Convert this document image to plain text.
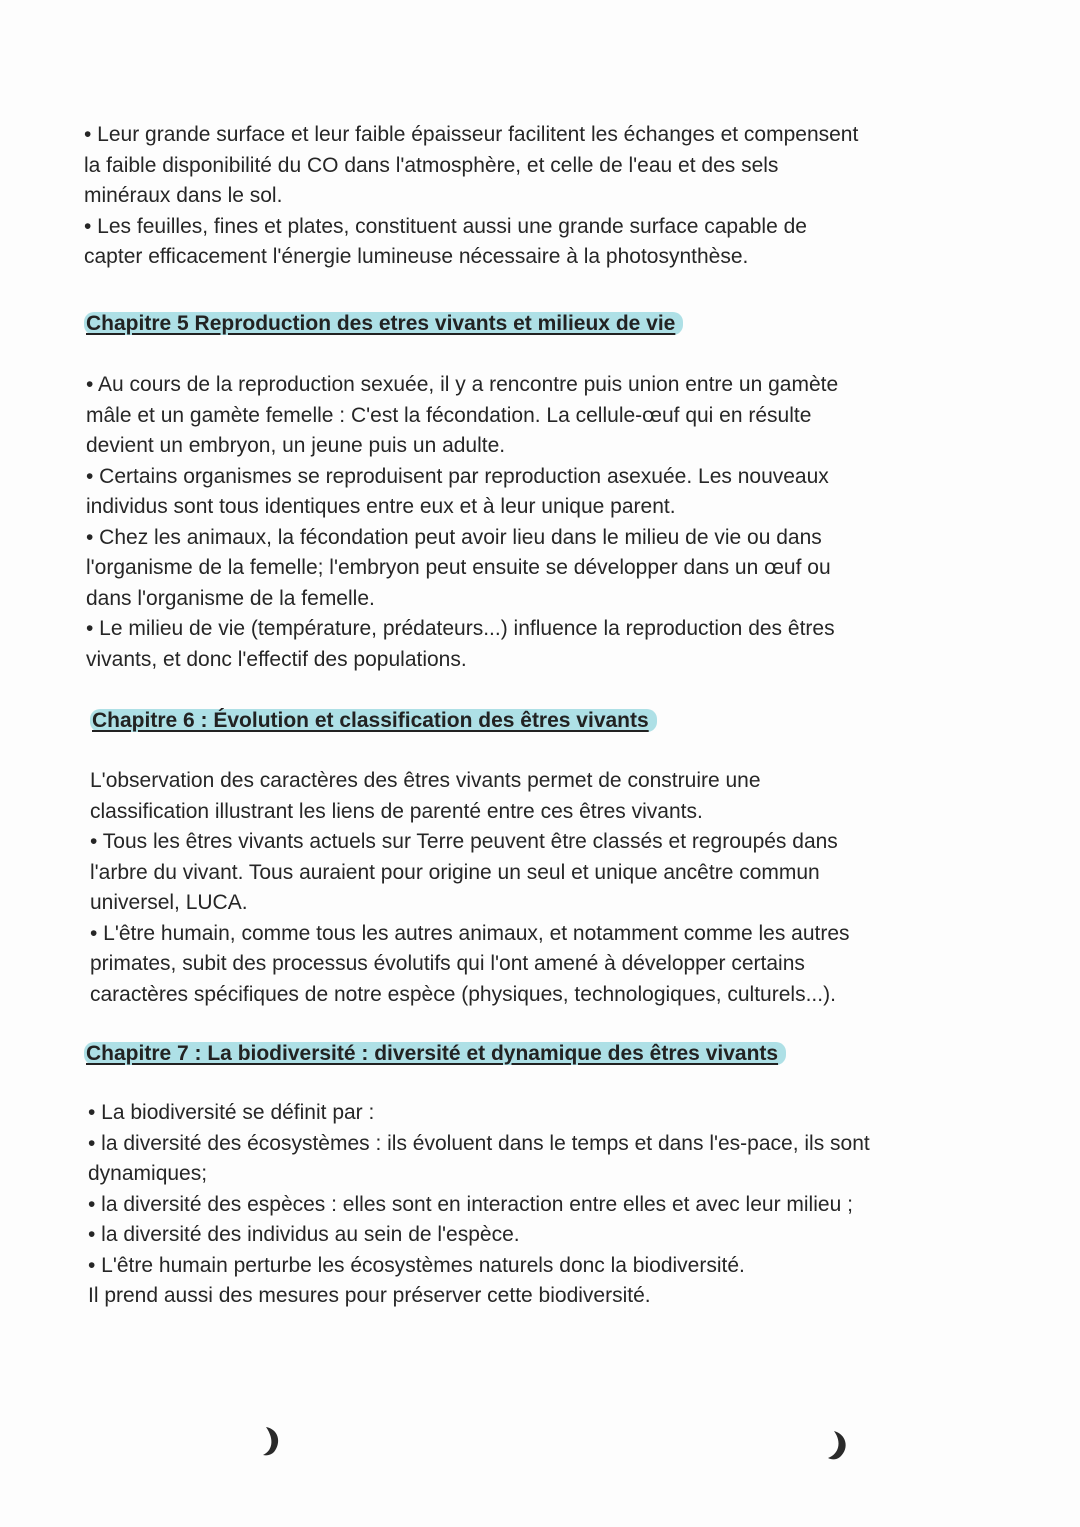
• Leur grande surface et leur faible épaisseur facilitent les échanges et compensent

la faible disponibilité du CO dans l'atmosphère, et celle de l'eau et des sels

minéraux dans le sol.

• Les feuilles, fines et plates, constituent aussi une grande surface capable de

capter efficacement l'énergie lumineuse nécessaire à la photosynthèse.

Chapitre 5 Reproduction des etres vivants et milieux de vie

• Au cours de la reproduction sexuée, il y a rencontre puis union entre un gamète

mâle et un gamète femelle : C'est la fécondation. La cellule-œuf qui en résulte

devient un embryon, un jeune puis un adulte.

• Certains organismes se reproduisent par reproduction asexuée. Les nouveaux

individus sont tous identiques entre eux et à leur unique parent.

• Chez les animaux, la fécondation peut avoir lieu dans le milieu de vie ou dans

l'organisme de la femelle; l'embryon peut ensuite se développer dans un œuf ou

dans l'organisme de la femelle.

• Le milieu de vie (température, prédateurs...) influence la reproduction des êtres

vivants, et donc l'effectif des populations.

Chapitre 6 : Évolution et classification des êtres vivants

L'observation des caractères des êtres vivants permet de construire une

classification illustrant les liens de parenté entre ces êtres vivants.

• Tous les êtres vivants actuels sur Terre peuvent être classés et regroupés dans

l'arbre du vivant. Tous auraient pour origine un seul et unique ancêtre commun

universel, LUCA.

• L'être humain, comme tous les autres animaux, et notamment comme les autres

primates, subit des processus évolutifs qui l'ont amené à développer certains

caractères spécifiques de notre espèce (physiques, technologiques, culturels...).

Chapitre 7 : La biodiversité : diversité et dynamique des êtres vivants

• La biodiversité se définit par :

• la diversité des écosystèmes : ils évoluent dans le temps et dans l'es-pace, ils sont

dynamiques;

• la diversité des espèces : elles sont en interaction entre elles et avec leur milieu ;

• la diversité des individus au sein de l'espèce.

• L'être humain perturbe les écosystèmes naturels donc la biodiversité.

Il prend aussi des mesures pour préserver cette biodiversité.
